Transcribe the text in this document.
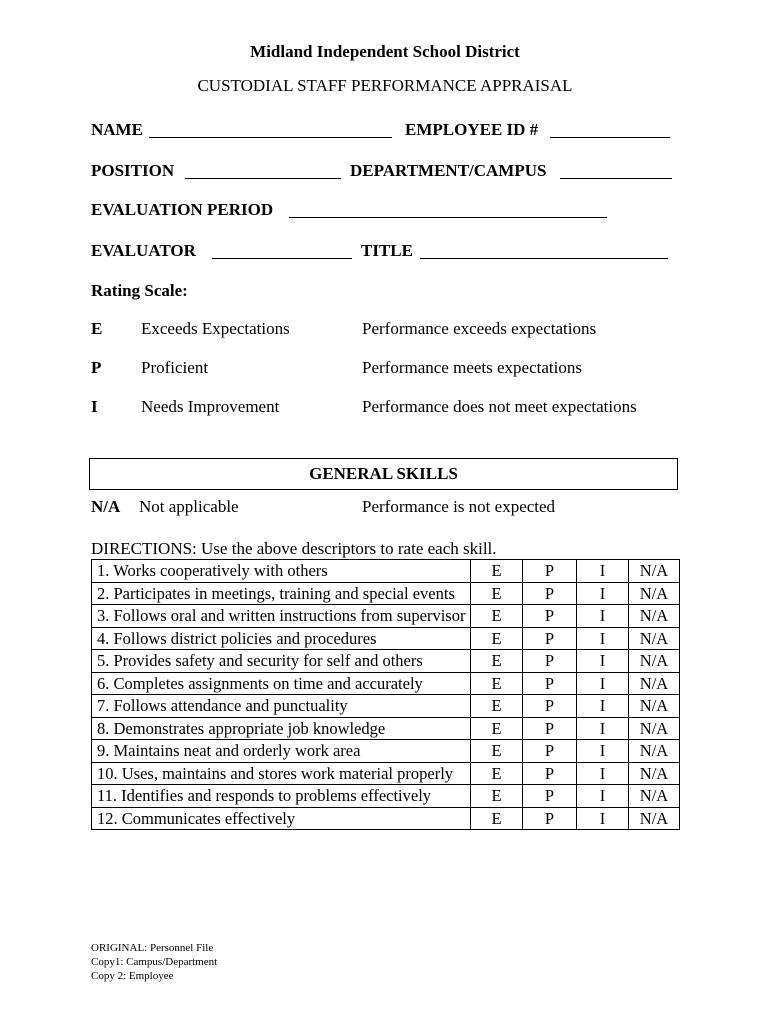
Midland Independent School District
CUSTODIAL STAFF PERFORMANCE APPRAISAL
NAME	EMPLOYEE ID #
POSITION	DEPARTMENT/CAMPUS
EVALUATION PERIOD
EVALUATOR	TITLE
Rating Scale:
E Exceeds Expectations	Performance exceeds expectations
P Proficient	Performance meets expectations
I	Needs Improvement	Performance does not meet expectations
GENERAL SKILLS
N/A Not applicable	Performance is not expected
DIRECTIONS: Use the above descriptors to rate each skill.
1. Works cooperatively with others	E	P	I	N/A
2. Participates in meetings, training and special events	E	P	I	N/A
3. Follows oral and written instructions from supervisor	E	P	I	N/A
4. Follows district policies and procedures	E	P	I	N/A
5. Provides safety and security for self and others	E	P	I	N/A
6. Completes assignments on time and accurately	E	P	I	N/A
7. Follows attendance and punctuality	E	P	I	N/A
8. Demonstrates appropriate job knowledge	E	P	I	N/A
9. Maintains neat and orderly work area	E	P	I	N/A
10. Uses, maintains and stores work material properly	E	P	I	N/A
11. Identifies and responds to problems effectively	E	P	I	N/A
12. Communicates effectively	E	P	I	N/A
ORIGINAL: Personnel File
Copy1: Campus/Department
Copy 2: Employee
